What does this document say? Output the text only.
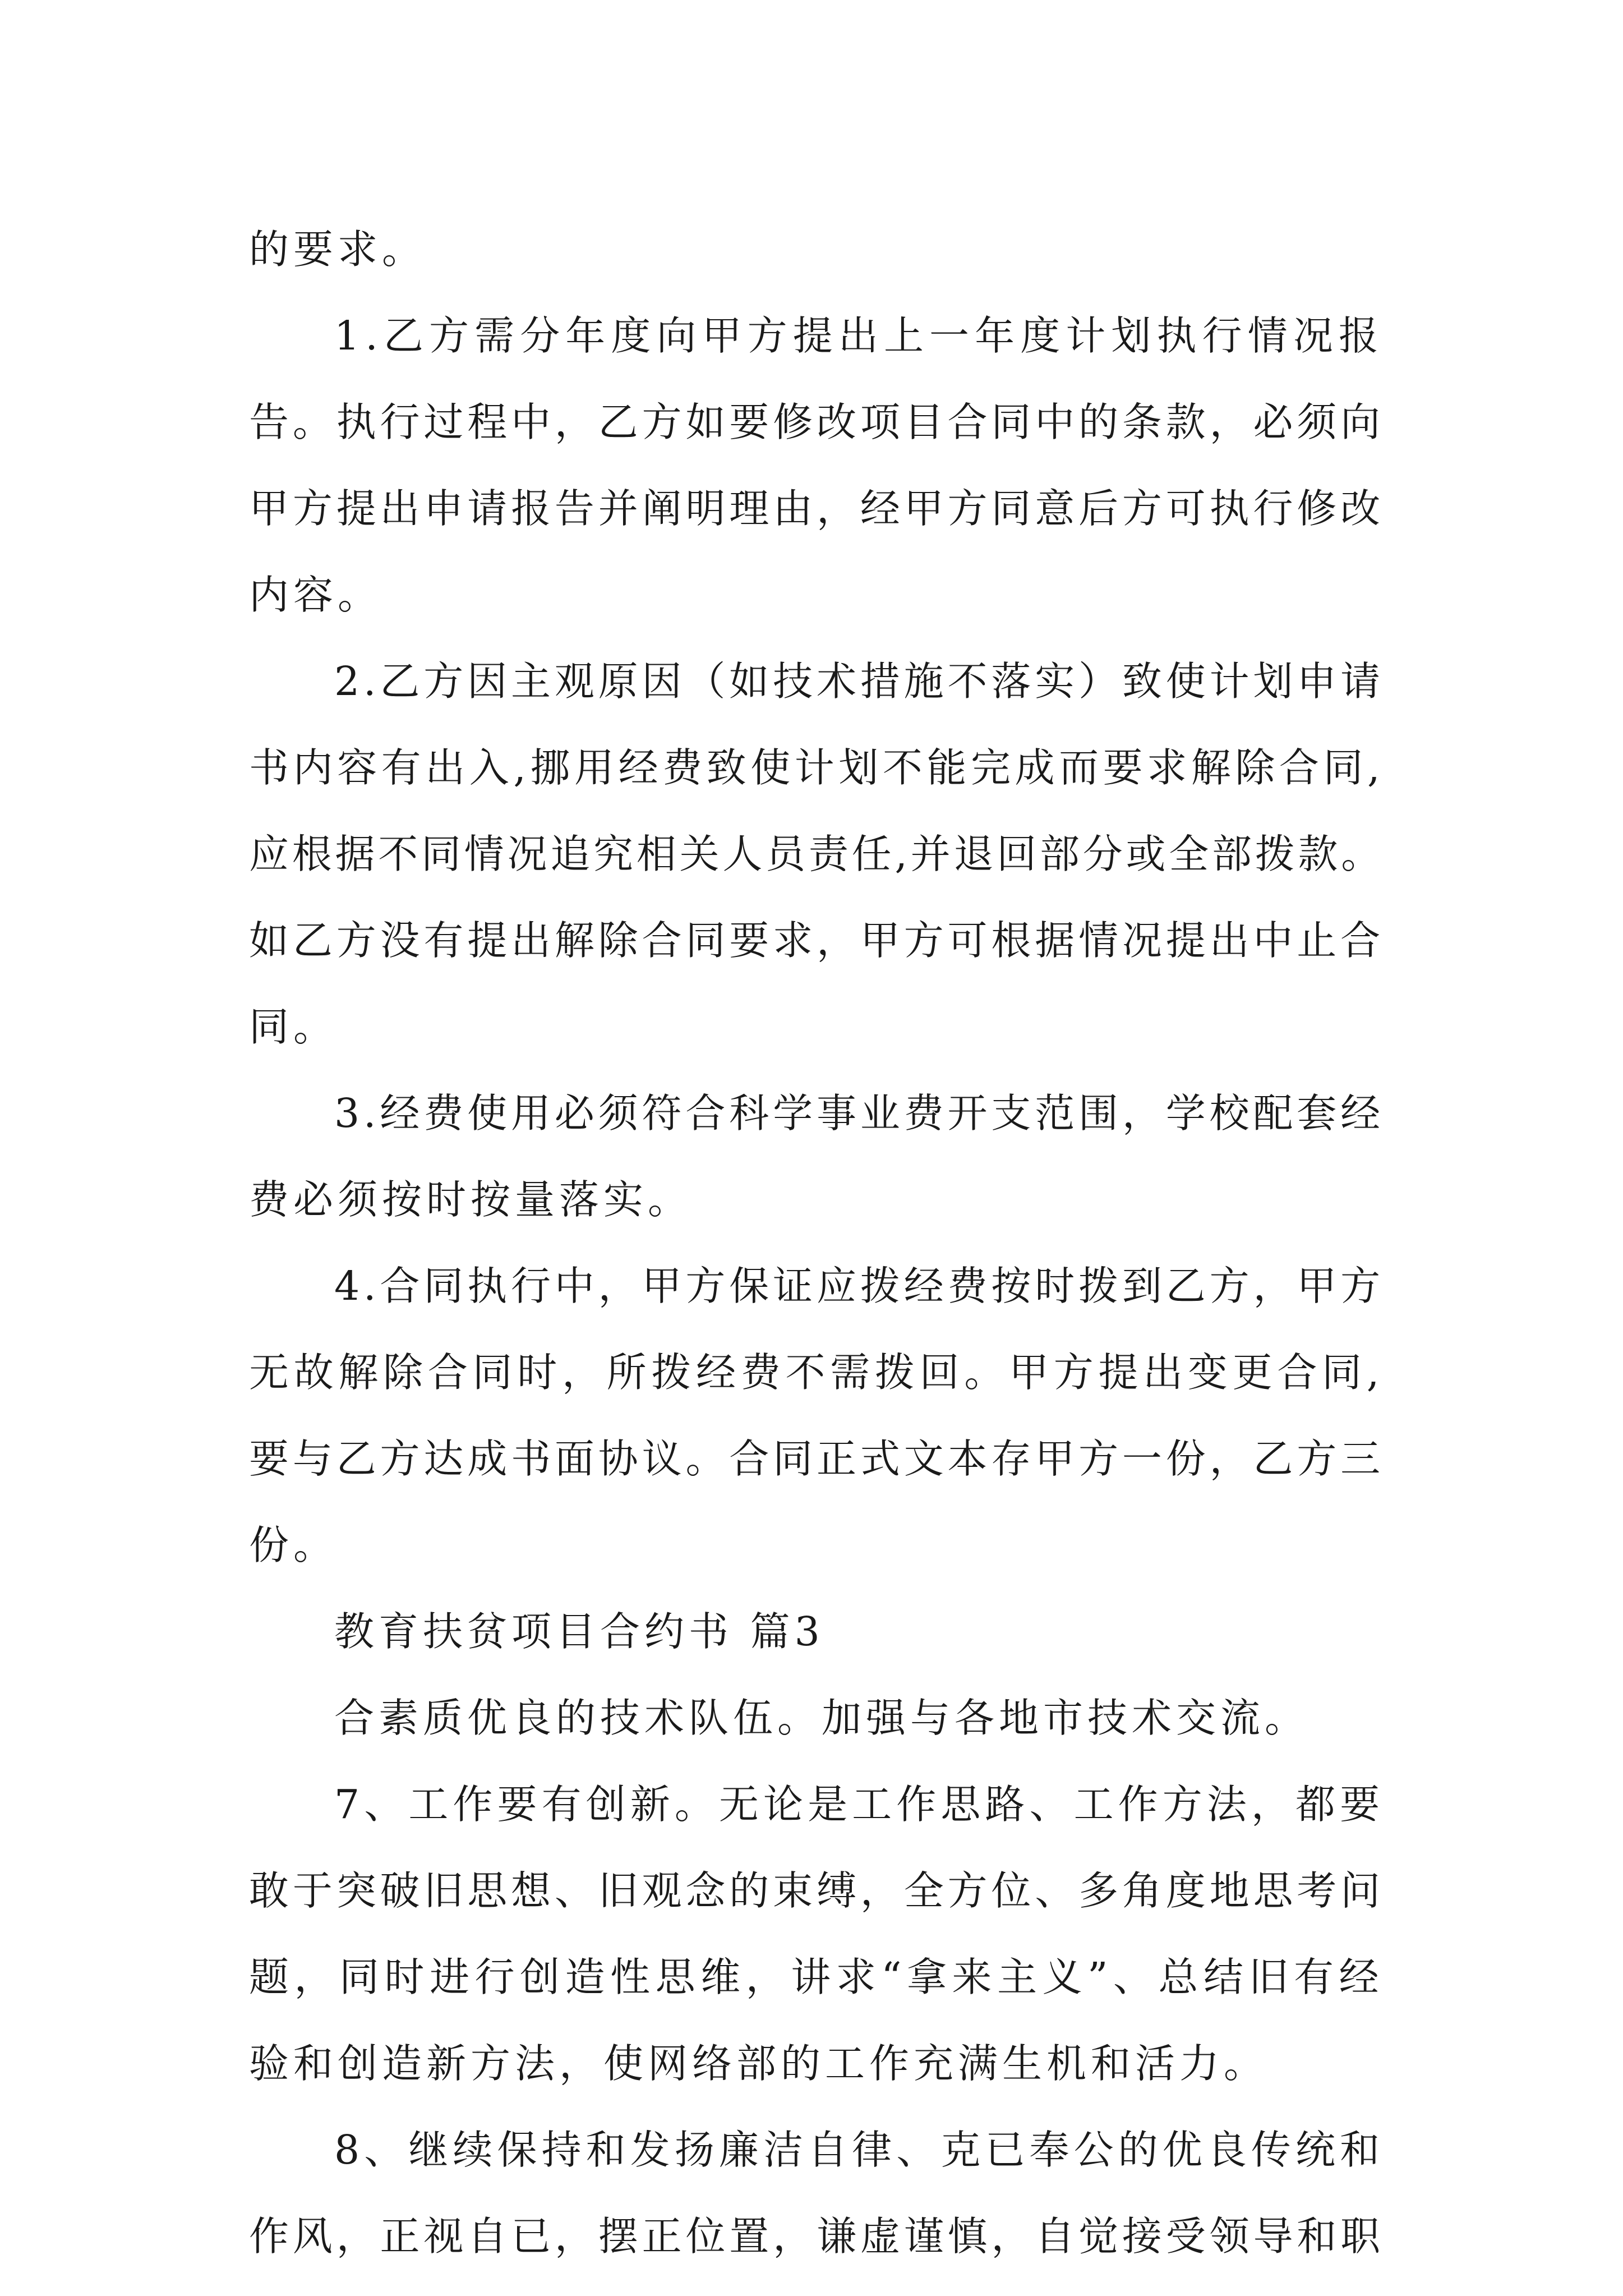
的要求。
1.乙方需分年度向甲方提出上一年度计划执行情况报
告。执行过程中，乙方如要修改项目合同中的条款，必须向
甲方提出申请报告并阐明理由，经甲方同意后方可执行修改
内容。
2.乙方因主观原因（如技术措施不落实）致使计划申请
书内容有出入,挪用经费致使计划不能完成而要求解除合同,
应根据不同情况追究相关人员责任,并退回部分或全部拨款。
如乙方没有提出解除合同要求，甲方可根据情况提出中止合
同。
3.经费使用必须符合科学事业费开支范围，学校配套经
费必须按时按量落实。
4.合同执行中，甲方保证应拨经费按时拨到乙方，甲方
无故解除合同时，所拨经费不需拨回。甲方提出变更合同,
要与乙方达成书面协议。合同正式文本存甲方一份，乙方三
份。
教育扶贫项目合约书 篇3
合素质优良的技术队伍。加强与各地市技术交流。
7、工作要有创新。无论是工作思路、工作方法，都要
敢于突破旧思想、旧观念的束缚，全方位、多角度地思考问
题，同时进行创造性思维，讲求“拿来主义”、总结旧有经
验和创造新方法，使网络部的工作充满生机和活力。
8、继续保持和发扬廉洁自律、克已奉公的优良传统和
作风，正视自已，摆正位置，谦虚谨慎，自觉接受领导和职
